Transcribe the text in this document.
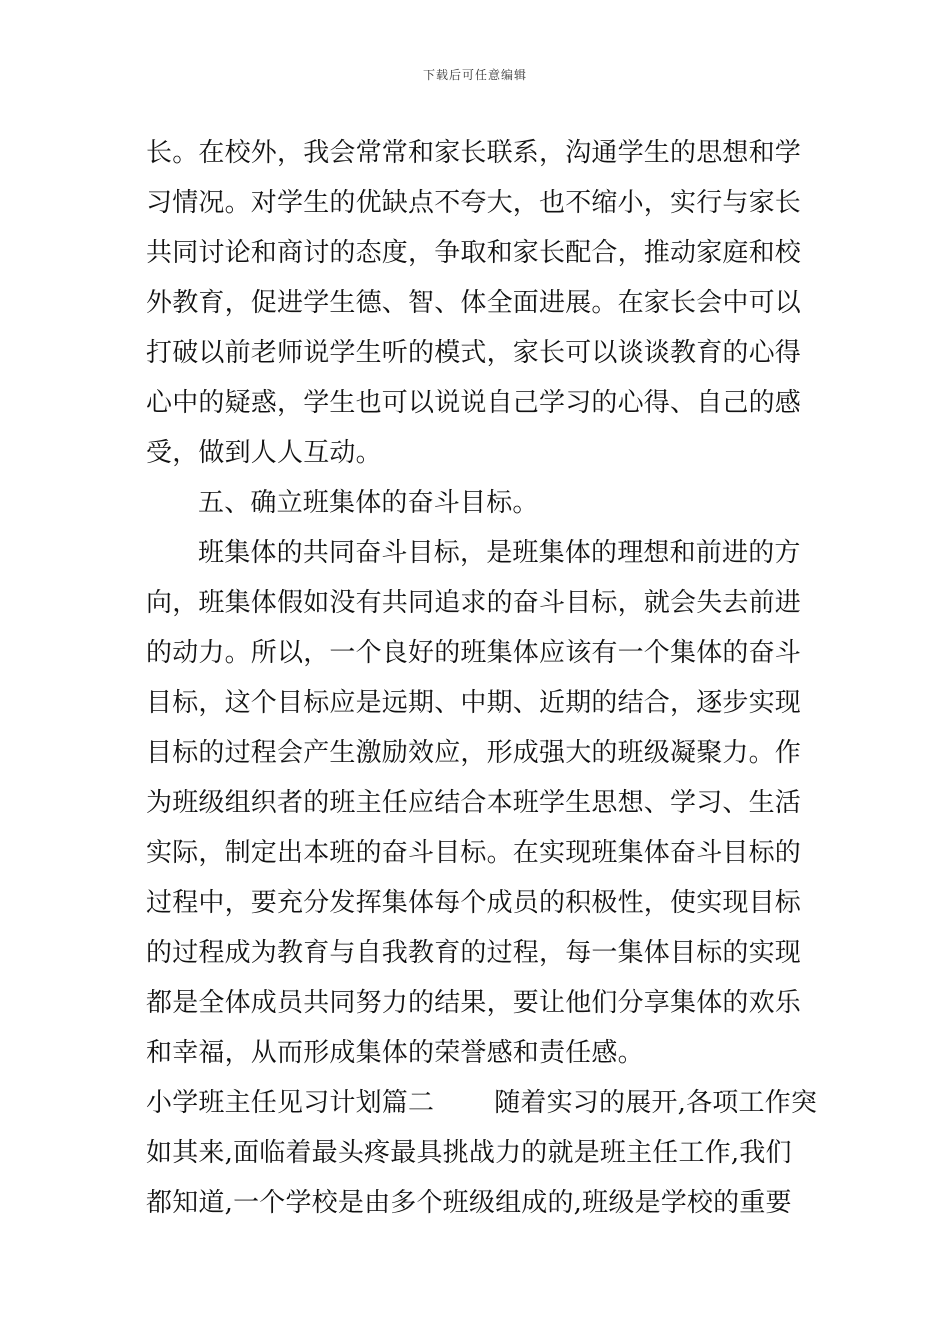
下载后可任意编辑
长。在校外，我会常常和家长联系，沟通学生的思想和学
习情况。对学生的优缺点不夸大，也不缩小，实行与家长
共同讨论和商讨的态度，争取和家长配合，推动家庭和校
外教育，促进学生德、智、体全面进展。在家长会中可以
打破以前老师说学生听的模式，家长可以谈谈教育的心得
心中的疑惑，学生也可以说说自己学习的心得、自己的感
受，做到人人互动。
五、确立班集体的奋斗目标。
班集体的共同奋斗目标，是班集体的理想和前进的方
向，班集体假如没有共同追求的奋斗目标，就会失去前进
的动力。所以，一个良好的班集体应该有一个集体的奋斗
目标，这个目标应是远期、中期、近期的结合，逐步实现
目标的过程会产生激励效应，形成强大的班级凝聚力。作
为班级组织者的班主任应结合本班学生思想、学习、生活
实际，制定出本班的奋斗目标。在实现班集体奋斗目标的
过程中，要充分发挥集体每个成员的积极性，使实现目标
的过程成为教育与自我教育的过程，每一集体目标的实现
都是全体成员共同努力的结果，要让他们分享集体的欢乐
和幸福，从而形成集体的荣誉感和责任感。
小学班主任见习计划篇二 随着实习的展开,各项工作突
如其来,面临着最头疼最具挑战力的就是班主任工作,我们
都知道,一个学校是由多个班级组成的,班级是学校的重要
